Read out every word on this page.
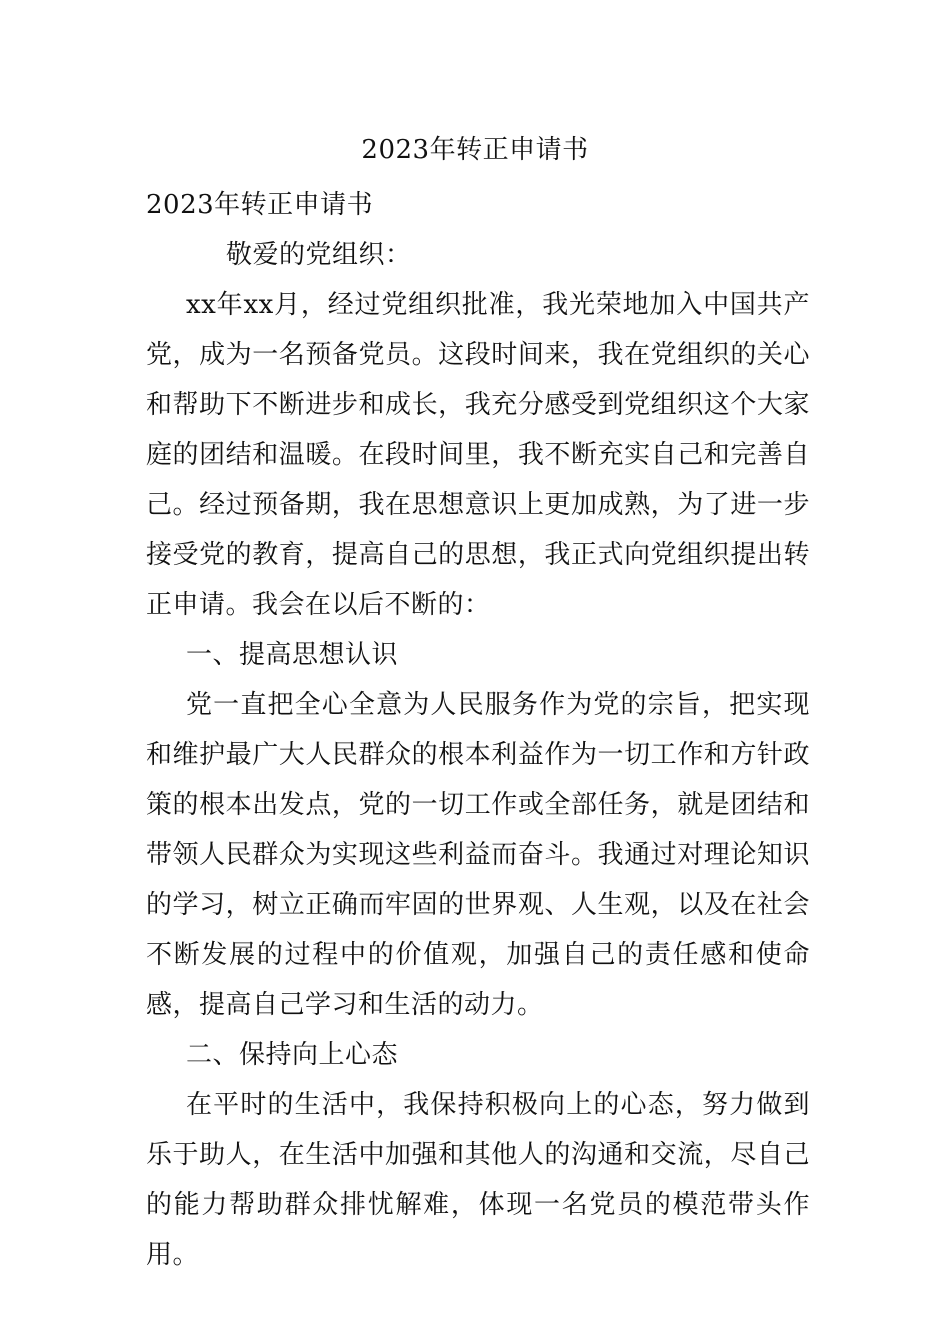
2023年转正申请书

2023年转正申请书

敬爱的党组织：

xx年xx月，经过党组织批准，我光荣地加入中国共产党，成为一名预备党员。这段时间来，我在党组织的关心和帮助下不断进步和成长，我充分感受到党组织这个大家庭的团结和温暖。在段时间里，我不断充实自己和完善自己。经过预备期，我在思想意识上更加成熟，为了进一步接受党的教育，提高自己的思想，我正式向党组织提出转正申请。我会在以后不断的：

一、提高思想认识

党一直把全心全意为人民服务作为党的宗旨，把实现和维护最广大人民群众的根本利益作为一切工作和方针政策的根本出发点，党的一切工作或全部任务，就是团结和带领人民群众为实现这些利益而奋斗。我通过对理论知识的学习，树立正确而牢固的世界观、人生观，以及在社会不断发展的过程中的价值观，加强自己的责任感和使命感，提高自己学习和生活的动力。

二、保持向上心态

在平时的生活中，我保持积极向上的心态，努力做到乐于助人，在生活中加强和其他人的沟通和交流，尽自己的能力帮助群众排忧解难，体现一名党员的模范带头作用。
